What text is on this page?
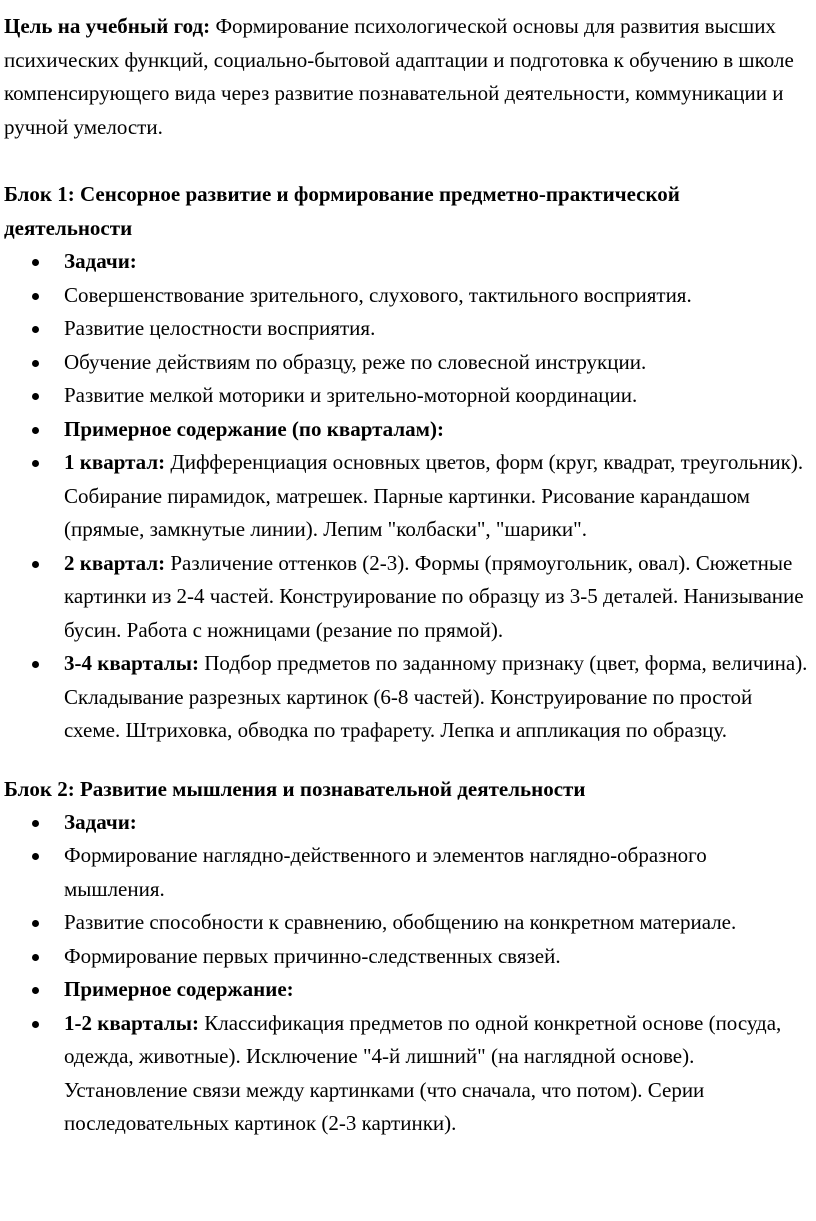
Цель на учебный год: Формирование психологической основы для развития высших психических функций, социально-бытовой адаптации и подготовка к обучению в школе компенсирующего вида через развитие познавательной деятельности, коммуникации и ручной умелости.

Блок 1: Сенсорное развитие и формирование предметно-практической деятельности
Задачи:
Совершенствование зрительного, слухового, тактильного восприятия.
Развитие целостности восприятия.
Обучение действиям по образцу, реже по словесной инструкции.
Развитие мелкой моторики и зрительно-моторной координации.
Примерное содержание (по кварталам):
1 квартал: Дифференциация основных цветов, форм (круг, квадрат, треугольник). Собирание пирамидок, матрешек. Парные картинки. Рисование карандашом (прямые, замкнутые линии). Лепим "колбаски", "шарики".
2 квартал: Различение оттенков (2-3). Формы (прямоугольник, овал). Сюжетные картинки из 2-4 частей. Конструирование по образцу из 3-5 деталей. Нанизывание бусин. Работа с ножницами (резание по прямой).
3-4 кварталы: Подбор предметов по заданному признаку (цвет, форма, величина). Складывание разрезных картинок (6-8 частей). Конструирование по простой схеме. Штриховка, обводка по трафарету. Лепка и аппликация по образцу.
Блок 2: Развитие мышления и познавательной деятельности
Задачи:
Формирование наглядно-действенного и элементов наглядно-образного мышления.
Развитие способности к сравнению, обобщению на конкретном материале.
Формирование первых причинно-следственных связей.
Примерное содержание:
1-2 кварталы: Классификация предметов по одной конкретной основе (посуда, одежда, животные). Исключение "4-й лишний" (на наглядной основе). Установление связи между картинками (что сначала, что потом). Серии последовательных картинок (2-3 картинки).
